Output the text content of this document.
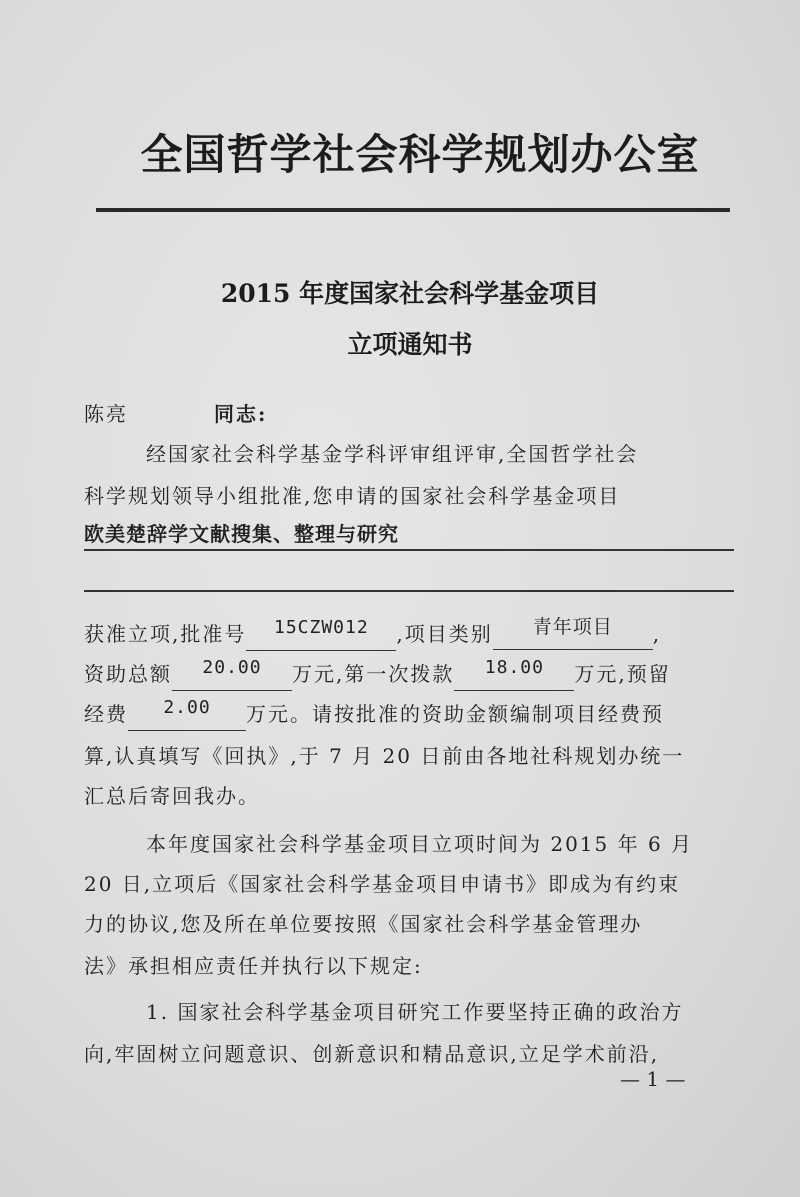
全国哲学社会科学规划办公室
2015 年度国家社会科学基金项目
立项通知书
陈亮	同志:
经国家社会科学基金学科评审组评审,全国哲学社会
科学规划领导小组批准,您申请的国家社会科学基金项目
欧美楚辞学文献搜集、整理与研究
获准立项,批准号 15CZW012 ,项目类别 青年项目 ,
资助总额 20.00 万元,第一次拨款 18.00 万元,预留
经费 2.00 万元。请按批准的资助金额编制项目经费预
算,认真填写《回执》,于 7 月 20 日前由各地社科规划办统一
汇总后寄回我办。
本年度国家社会科学基金项目立项时间为 2015 年 6 月
20 日,立项后《国家社会科学基金项目申请书》即成为有约束
力的协议,您及所在单位要按照《国家社会科学基金管理办
法》承担相应责任并执行以下规定:
1. 国家社会科学基金项目研究工作要坚持正确的政治方
向,牢固树立问题意识、创新意识和精品意识,立足学术前沿,
— 1 —
